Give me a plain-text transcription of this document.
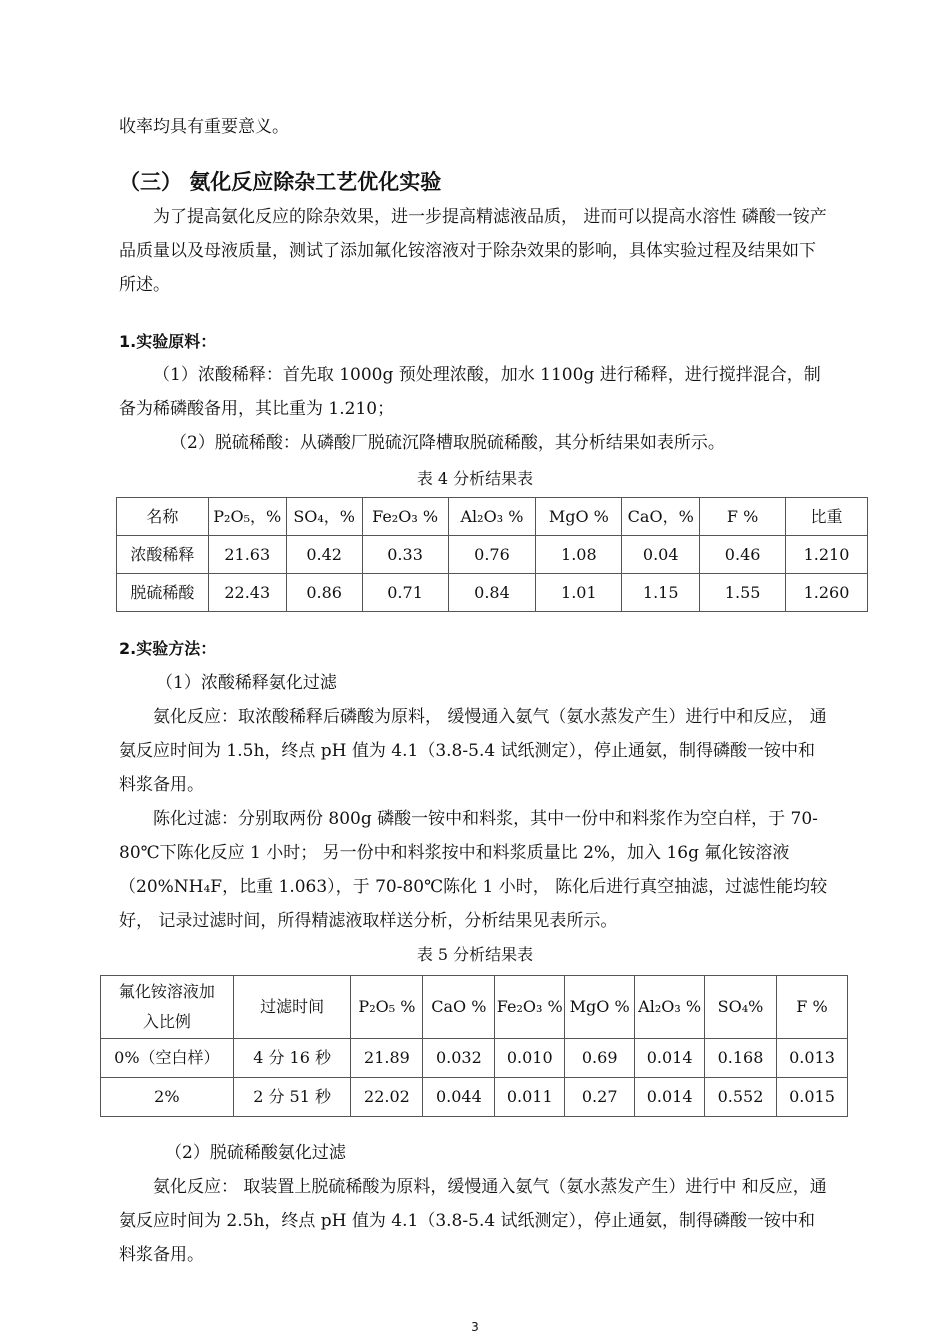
收率均具有重要意义。

（三） 氨化反应除杂工艺优化实验

为了提高氨化反应的除杂效果，进一步提高精滤液品质， 进而可以提高水溶性 磷酸一铵产品质量以及母液质量，测试了添加氟化铵溶液对于除杂效果的影响，具体实验过程及结果如下所述。

1.实验原料：

（1）浓酸稀释：首先取 1000g 预处理浓酸，加水 1100g 进行稀释，进行搅拌混合，制备为稀磷酸备用，其比重为 1.210；

（2）脱硫稀酸：从磷酸厂脱硫沉降槽取脱硫稀酸，其分析结果如表所示。

表 4 分析结果表
名称	P₂O₅，%	SO₄，%	Fe₂O₃ %	Al₂O₃ %	MgO %	CaO，%	F %	比重
浓酸稀释	21.63	0.42	0.33	0.76	1.08	0.04	0.46	1.210
脱硫稀酸	22.43	0.86	0.71	0.84	1.01	1.15	1.55	1.260
2.实验方法：

（1）浓酸稀释氨化过滤

氨化反应：取浓酸稀释后磷酸为原料， 缓慢通入氨气（氨水蒸发产生）进行中和反应， 通氨反应时间为 1.5h，终点 pH 值为 4.1（3.8-5.4 试纸测定），停止通氨，制得磷酸一铵中和料浆备用。

陈化过滤：分别取两份 800g 磷酸一铵中和料浆，其中一份中和料浆作为空白样，于 70-80℃下陈化反应 1 小时； 另一份中和料浆按中和料浆质量比 2%，加入 16g 氟化铵溶液（20%NH₄F，比重 1.063），于 70-80℃陈化 1 小时， 陈化后进行真空抽滤，过滤性能均较好， 记录过滤时间，所得精滤液取样送分析，分析结果见表所示。

表 5 分析结果表
氟化铵溶液加入比例	过滤时间	P₂O₅ %	CaO %	Fe₂O₃ %	MgO %	Al₂O₃ %	SO₄%	F %
0%（空白样）	4 分 16 秒	21.89	0.032	0.010	0.69	0.014	0.168	0.013
2%	2 分 51 秒	22.02	0.044	0.011	0.27	0.014	0.552	0.015

（2）脱硫稀酸氨化过滤

氨化反应： 取装置上脱硫稀酸为原料，缓慢通入氨气（氨水蒸发产生）进行中 和反应，通氨反应时间为 2.5h，终点 pH 值为 4.1（3.8-5.4 试纸测定），停止通氨，制得磷酸一铵中和料浆备用。

3
